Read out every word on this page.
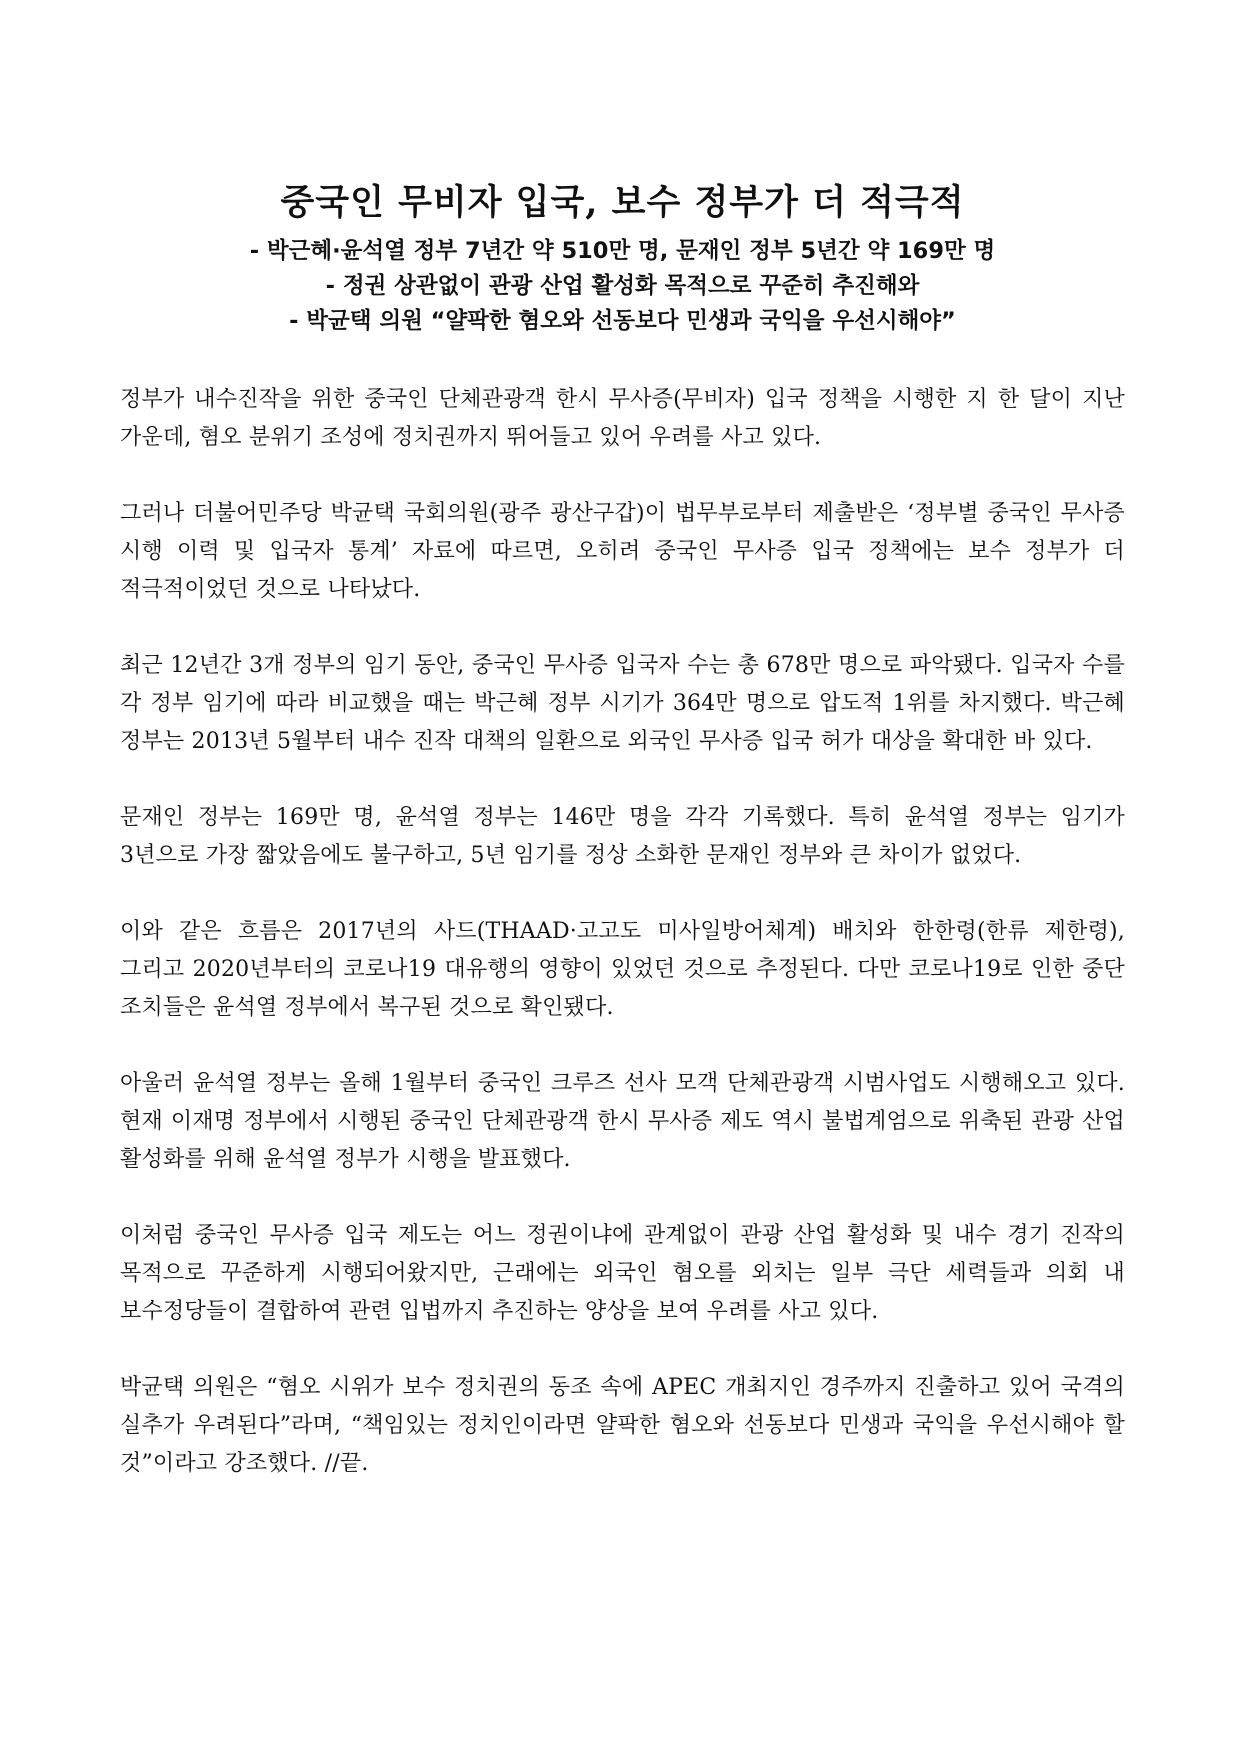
중국인 무비자 입국, 보수 정부가 더 적극적

- 박근혜·윤석열 정부 7년간 약 510만 명, 문재인 정부 5년간 약 169만 명

- 정권 상관없이 관광 산업 활성화 목적으로 꾸준히 추진해와

- 박균택 의원 “얄팍한 혐오와 선동보다 민생과 국익을 우선시해야”

정부가 내수진작을 위한 중국인 단체관광객 한시 무사증(무비자) 입국 정책을 시행한 지 한 달이 지난 가운데, 혐오 분위기 조성에 정치권까지 뛰어들고 있어 우려를 사고 있다.

그러나 더불어민주당 박균택 국회의원(광주 광산구갑)이 법무부로부터 제출받은 ‘정부별 중국인 무사증 시행 이력 및 입국자 통계’ 자료에 따르면, 오히려 중국인 무사증 입국 정책에는 보수 정부가 더 적극적이었던 것으로 나타났다.

최근 12년간 3개 정부의 임기 동안, 중국인 무사증 입국자 수는 총 678만 명으로 파악됐다. 입국자 수를 각 정부 임기에 따라 비교했을 때는 박근혜 정부 시기가 364만 명으로 압도적 1위를 차지했다. 박근혜 정부는 2013년 5월부터 내수 진작 대책의 일환으로 외국인 무사증 입국 허가 대상을 확대한 바 있다.

문재인 정부는 169만 명, 윤석열 정부는 146만 명을 각각 기록했다. 특히 윤석열 정부는 임기가 3년으로 가장 짧았음에도 불구하고, 5년 임기를 정상 소화한 문재인 정부와 큰 차이가 없었다.

이와 같은 흐름은 2017년의 사드(THAAD·고고도 미사일방어체계) 배치와 한한령(한류 제한령), 그리고 2020년부터의 코로나19 대유행의 영향이 있었던 것으로 추정된다. 다만 코로나19로 인한 중단 조치들은 윤석열 정부에서 복구된 것으로 확인됐다.

아울러 윤석열 정부는 올해 1월부터 중국인 크루즈 선사 모객 단체관광객 시범사업도 시행해오고 있다. 현재 이재명 정부에서 시행된 중국인 단체관광객 한시 무사증 제도 역시 불법계엄으로 위축된 관광 산업 활성화를 위해 윤석열 정부가 시행을 발표했다.

이처럼 중국인 무사증 입국 제도는 어느 정권이냐에 관계없이 관광 산업 활성화 및 내수 경기 진작의 목적으로 꾸준하게 시행되어왔지만, 근래에는 외국인 혐오를 외치는 일부 극단 세력들과 의회 내 보수정당들이 결합하여 관련 입법까지 추진하는 양상을 보여 우려를 사고 있다.

박균택 의원은 “혐오 시위가 보수 정치권의 동조 속에 APEC 개최지인 경주까지 진출하고 있어 국격의 실추가 우려된다”라며, “책임있는 정치인이라면 얄팍한 혐오와 선동보다 민생과 국익을 우선시해야 할 것”이라고 강조했다. //끝.
